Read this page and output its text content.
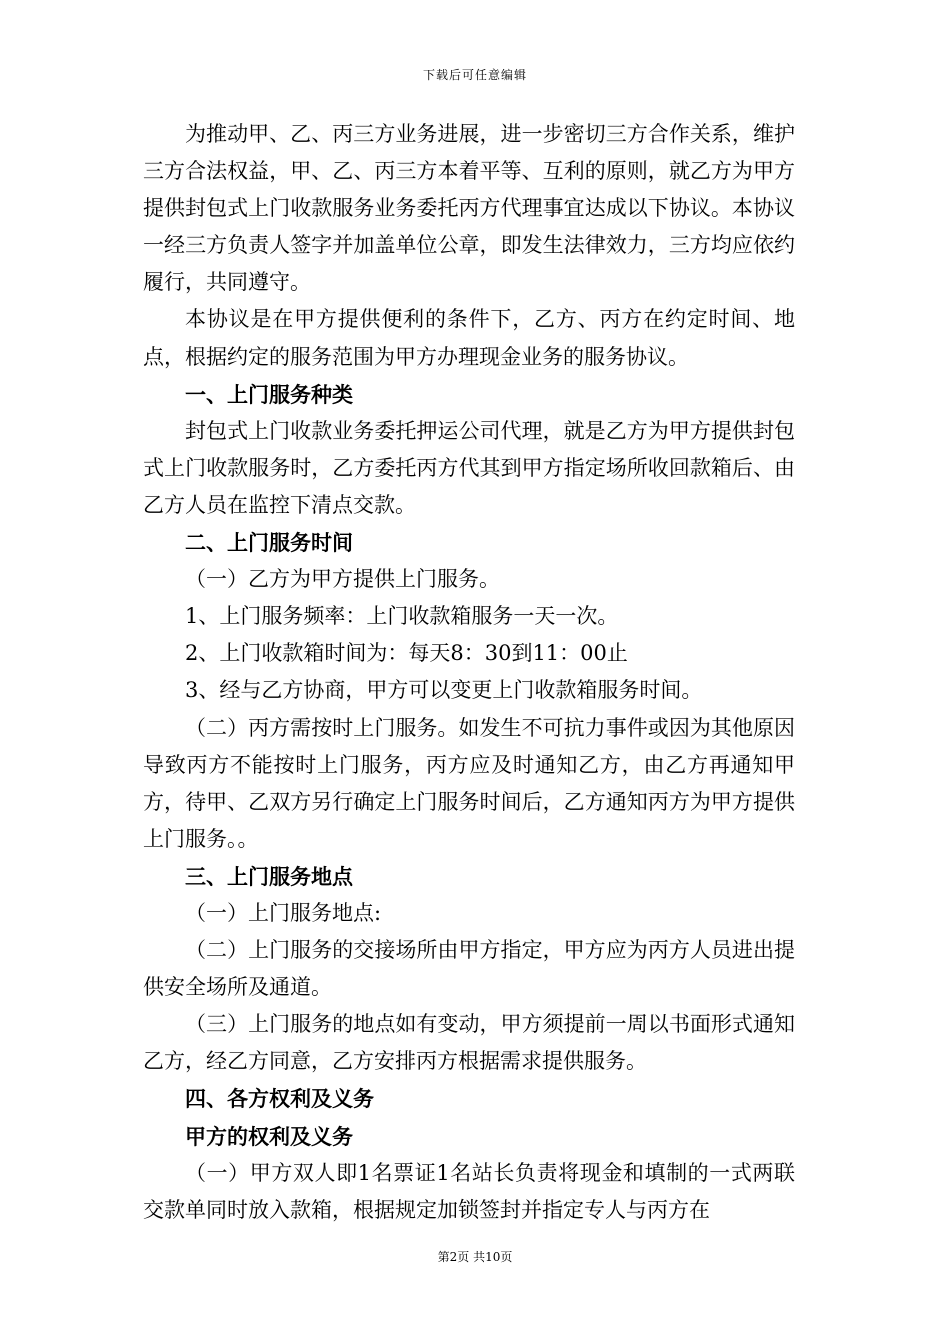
下载后可任意编辑

为推动甲、乙、丙三方业务进展，进一步密切三方合作关系，维护三方合法权益，甲、乙、丙三方本着平等、互利的原则，就乙方为甲方提供封包式上门收款服务业务委托丙方代理事宜达成以下协议。本协议一经三方负责人签字并加盖单位公章，即发生法律效力，三方均应依约履行，共同遵守。

本协议是在甲方提供便利的条件下，乙方、丙方在约定时间、地点，根据约定的服务范围为甲方办理现金业务的服务协议。

一、上门服务种类

封包式上门收款业务委托押运公司代理，就是乙方为甲方提供封包式上门收款服务时，乙方委托丙方代其到甲方指定场所收回款箱后、由乙方人员在监控下清点交款。

二、上门服务时间

（一）乙方为甲方提供上门服务。

1、上门服务频率：上门收款箱服务一天一次。

2、上门收款箱时间为：每天8：30到11：00止

3、经与乙方协商，甲方可以变更上门收款箱服务时间。

（二）丙方需按时上门服务。如发生不可抗力事件或因为其他原因导致丙方不能按时上门服务，丙方应及时通知乙方，由乙方再通知甲方，待甲、乙双方另行确定上门服务时间后，乙方通知丙方为甲方提供上门服务。。

三、上门服务地点

（一）上门服务地点:

（二）上门服务的交接场所由甲方指定，甲方应为丙方人员进出提供安全场所及通道。

（三）上门服务的地点如有变动，甲方须提前一周以书面形式通知乙方，经乙方同意，乙方安排丙方根据需求提供服务。

四、各方权利及义务

甲方的权利及义务

（一）甲方双人即1名票证1名站长负责将现金和填制的一式两联交款单同时放入款箱，根据规定加锁签封并指定专人与丙方在

第2页 共10页
